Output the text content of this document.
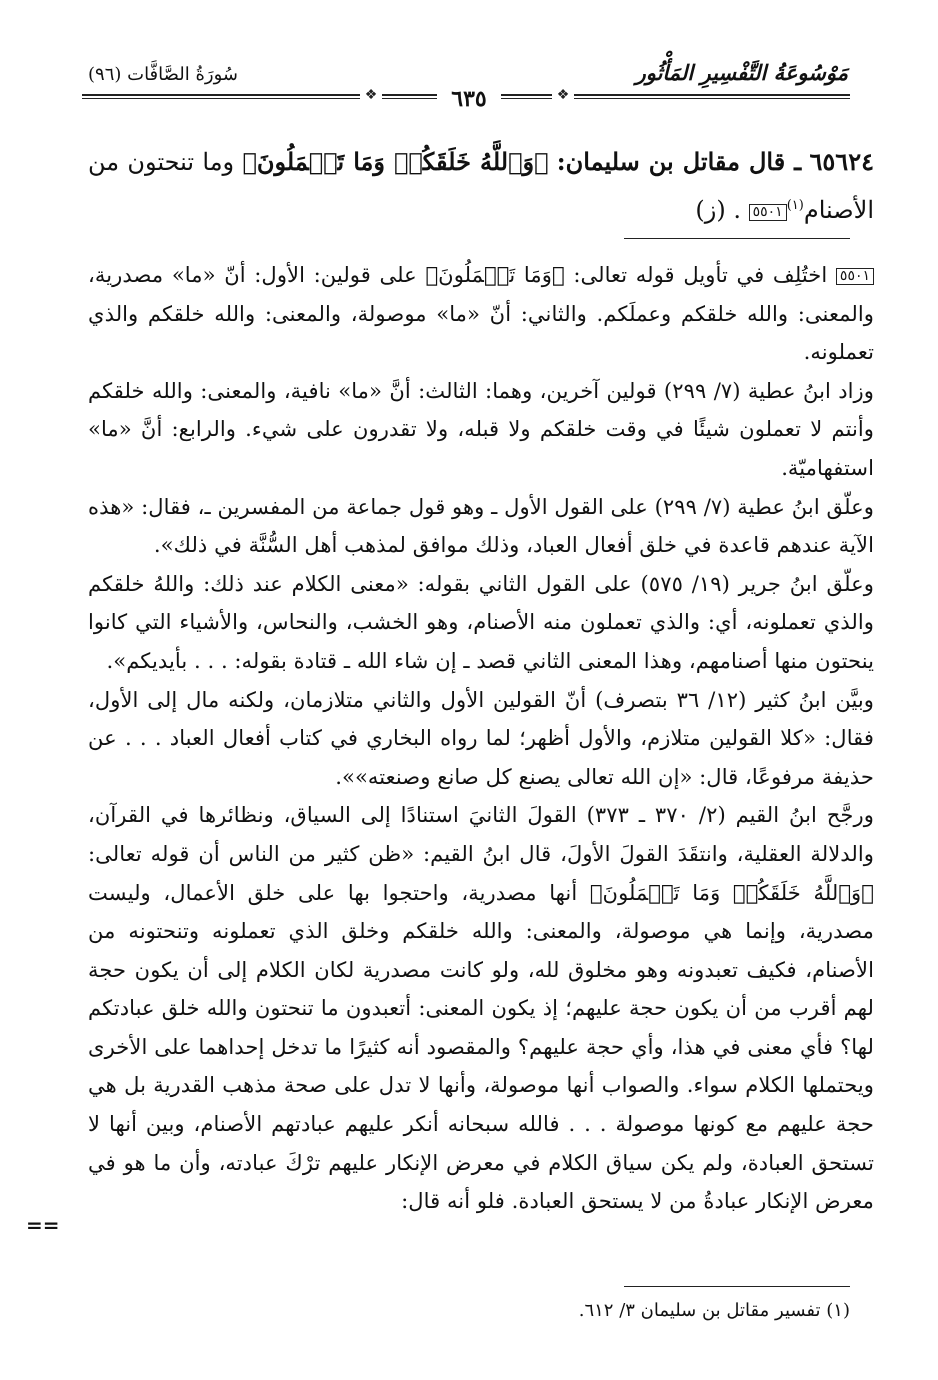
سُورَةُ الصَّافَّات (٩٦)	مَوْسُوعَةُ التَّفْسِيرِ المَأْثُور
❖	❖
٦٣٥
٦٥٦٢٤ ـ قال مقاتل بن سليمان: ﴿وَٱللَّهُ خَلَقَكُمۡ وَمَا تَعۡمَلُونَ﴾ وما تنحتون من الأصنام$^{(١)}$٥٥٠١ . (ز)

٥٥٠١ اختُلِف في تأويل قوله تعالى: ﴿وَمَا تَعۡمَلُونَ﴾ على قولين: الأول: أنّ «ما» مصدرية، والمعنى: والله خلقكم وعملَكم. والثاني: أنّ «ما» موصولة، والمعنى: والله خلقكم والذي تعملونه.

وزاد ابنُ عطية (٧/ ٢٩٩) قولين آخرين، وهما: الثالث: أنَّ «ما» نافية، والمعنى: والله خلقكم وأنتم لا تعملون شيئًا في وقت خلقكم ولا قبله، ولا تقدرون على شيء. والرابع: أنَّ «ما» استفهاميّة.

وعلّق ابنُ عطية (٧/ ٢٩٩) على القول الأول ـ وهو قول جماعة من المفسرين ـ، فقال: «هذه الآية عندهم قاعدة في خلق أفعال العباد، وذلك موافق لمذهب أهل السُّنَّة في ذلك».

وعلّق ابنُ جرير (١٩/ ٥٧٥) على القول الثاني بقوله: «معنى الكلام عند ذلك: واللهُ خلقكم والذي تعملونه، أي: والذي تعملون منه الأصنام، وهو الخشب، والنحاس، والأشياء التي كانوا ينحتون منها أصنامهم، وهذا المعنى الثاني قصد ـ إن شاء الله ـ قتادة بقوله: . . . بأيديكم».

وبيَّن ابنُ كثير (١٢/ ٣٦ بتصرف) أنّ القولين الأول والثاني متلازمان، ولكنه مال إلى الأول، فقال: «كلا القولين متلازم، والأول أظهر؛ لما رواه البخاري في كتاب أفعال العباد . . . عن حذيفة مرفوعًا، قال: «إن الله تعالى يصنع كل صانع وصنعته»».

ورجَّح ابنُ القيم (٢/ ٣٧٠ ـ ٣٧٣) القولَ الثانيَ استنادًا إلى السياق، ونظائرها في القرآن، والدلالة العقلية، وانتقَدَ القولَ الأولَ، قال ابنُ القيم: «ظن كثير من الناس أن قوله تعالى: ﴿وَٱللَّهُ خَلَقَكُمۡ وَمَا تَعۡمَلُونَ﴾ أنها مصدرية، واحتجوا بها على خلق الأعمال، وليست مصدرية، وإنما هي موصولة، والمعنى: والله خلقكم وخلق الذي تعملونه وتنحتونه من الأصنام، فكيف تعبدونه وهو مخلوق لله، ولو كانت مصدرية لكان الكلام إلى أن يكون حجة لهم أقرب من أن يكون حجة عليهم؛ إذ يكون المعنى: أتعبدون ما تنحتون والله خلق عبادتكم لها؟ فأي معنى في هذا، وأي حجة عليهم؟ والمقصود أنه كثيرًا ما تدخل إحداهما على الأخرى ويحتملها الكلام سواء. والصواب أنها موصولة، وأنها لا تدل على صحة مذهب القدرية بل هي حجة عليهم مع كونها موصولة . . . فالله سبحانه أنكر عليهم عبادتهم الأصنام، وبين أنها لا تستحق العبادة، ولم يكن سياق الكلام في معرض الإنكار عليهم ترْكَ عبادته، وأن ما هو في معرض الإنكار عبادةُ من لا يستحق العبادة. فلو أنه قال:

==
(١) تفسير مقاتل بن سليمان ٣/ ٦١٢.
